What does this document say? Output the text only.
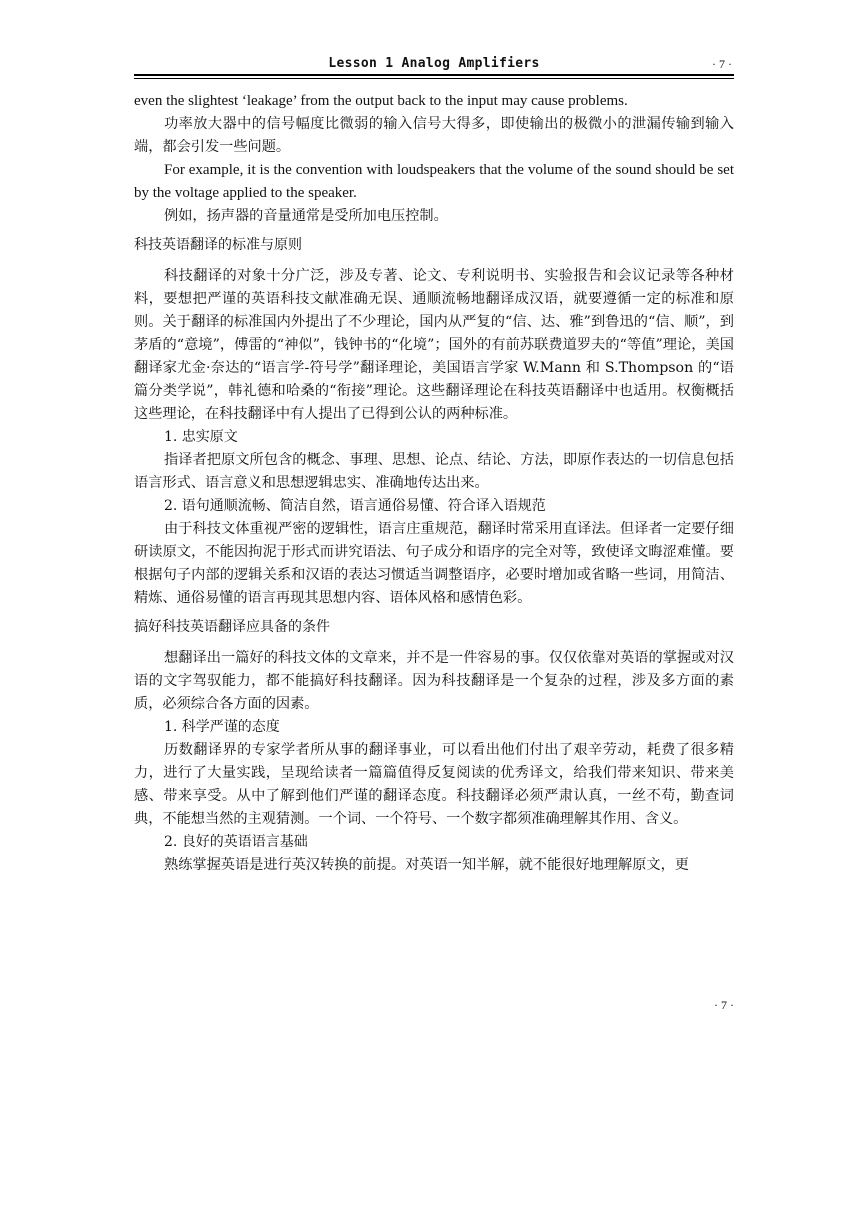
Lesson 1 Analog Amplifiers	· 7 ·

even the slightest ‘leakage’ from the output back to the input may cause problems.

功率放大器中的信号幅度比微弱的输入信号大得多，即使输出的极微小的泄漏传输到输入端，都会引发一些问题。

For example, it is the convention with loudspeakers that the volume of the sound should be set by the voltage applied to the speaker.

例如，扬声器的音量通常是受所加电压控制。

科技英语翻译的标准与原则

科技翻译的对象十分广泛，涉及专著、论文、专利说明书、实验报告和会议记录等各种材料，要想把严谨的英语科技文献准确无误、通顺流畅地翻译成汉语，就要遵循一定的标准和原则。关于翻译的标准国内外提出了不少理论，国内从严复的“信、达、雅”到鲁迅的“信、顺”，到茅盾的“意境”，傅雷的“神似”，钱钟书的“化境”；国外的有前苏联费道罗夫的“等值”理论，美国翻译家尤金·奈达的“语言学-符号学”翻译理论，美国语言学家 W.Mann 和 S.Thompson 的“语篇分类学说”，韩礼德和哈桑的“衔接”理论。这些翻译理论在科技英语翻译中也适用。权衡概括这些理论，在科技翻译中有人提出了已得到公认的两种标准。

1. 忠实原文

指译者把原文所包含的概念、事理、思想、论点、结论、方法，即原作表达的一切信息包括语言形式、语言意义和思想逻辑忠实、准确地传达出来。

2. 语句通顺流畅、简洁自然，语言通俗易懂、符合译入语规范

由于科技文体重视严密的逻辑性，语言庄重规范，翻译时常采用直译法。但译者一定要仔细研读原文，不能因拘泥于形式而讲究语法、句子成分和语序的完全对等，致使译文晦涩难懂。要根据句子内部的逻辑关系和汉语的表达习惯适当调整语序，必要时增加或省略一些词，用简洁、精炼、通俗易懂的语言再现其思想内容、语体风格和感情色彩。

搞好科技英语翻译应具备的条件

想翻译出一篇好的科技文体的文章来，并不是一件容易的事。仅仅依靠对英语的掌握或对汉语的文字驾驭能力，都不能搞好科技翻译。因为科技翻译是一个复杂的过程，涉及多方面的素质，必须综合各方面的因素。

1. 科学严谨的态度

历数翻译界的专家学者所从事的翻译事业，可以看出他们付出了艰辛劳动，耗费了很多精力，进行了大量实践，呈现给读者一篇篇值得反复阅读的优秀译文，给我们带来知识、带来美感、带来享受。从中了解到他们严谨的翻译态度。科技翻译必须严肃认真，一丝不苟，勤查词典，不能想当然的主观猜测。一个词、一个符号、一个数字都须准确理解其作用、含义。

2. 良好的英语语言基础

熟练掌握英语是进行英汉转换的前提。对英语一知半解，就不能很好地理解原文，更

· 7 ·
